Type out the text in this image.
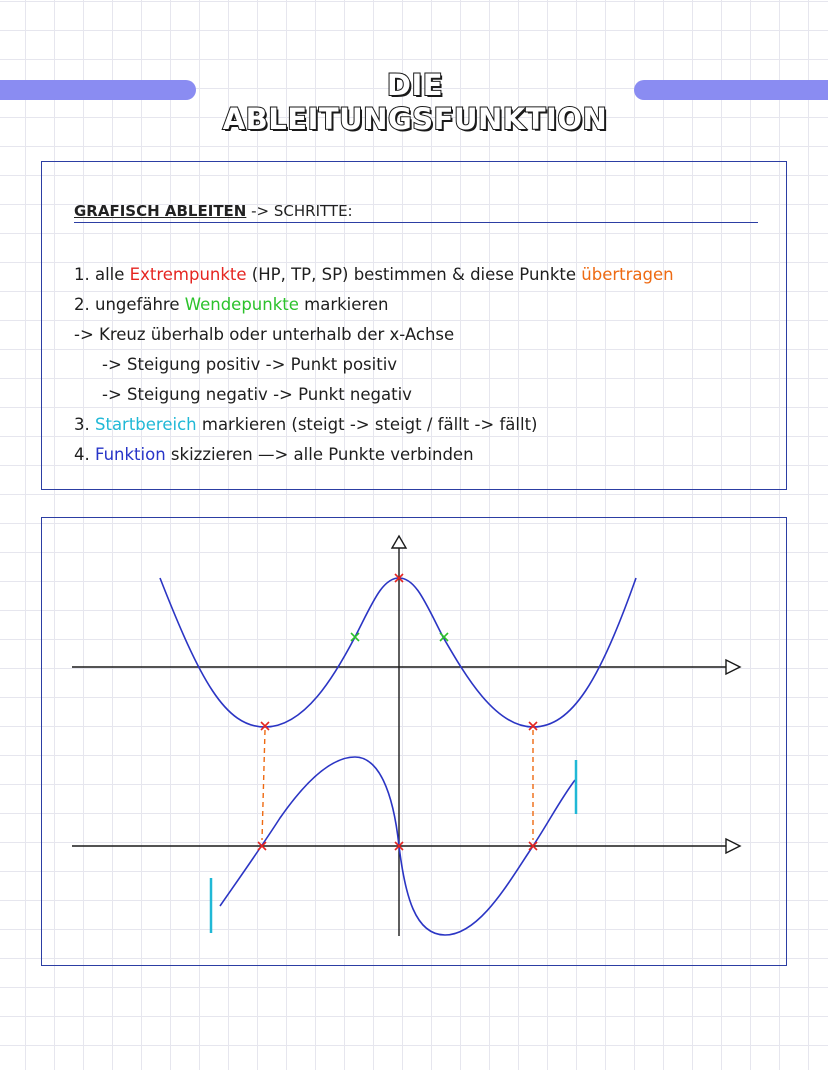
DIE ABLEITUNGSFUNKTION
GRAFISCH ABLEITEN -> SCHRITTE:
1. alle Extrempunkte (HP, TP, SP) bestimmen & diese Punkte übertragen
2. ungefähre Wendepunkte markieren
-> Kreuz überhalb oder unterhalb der x-Achse
-> Steigung positiv -> Punkt positiv
-> Steigung negativ -> Punkt negativ
3. Startbereich markieren (steigt -> steigt / fällt -> fällt)
4. Funktion skizzieren —> alle Punkte verbinden
